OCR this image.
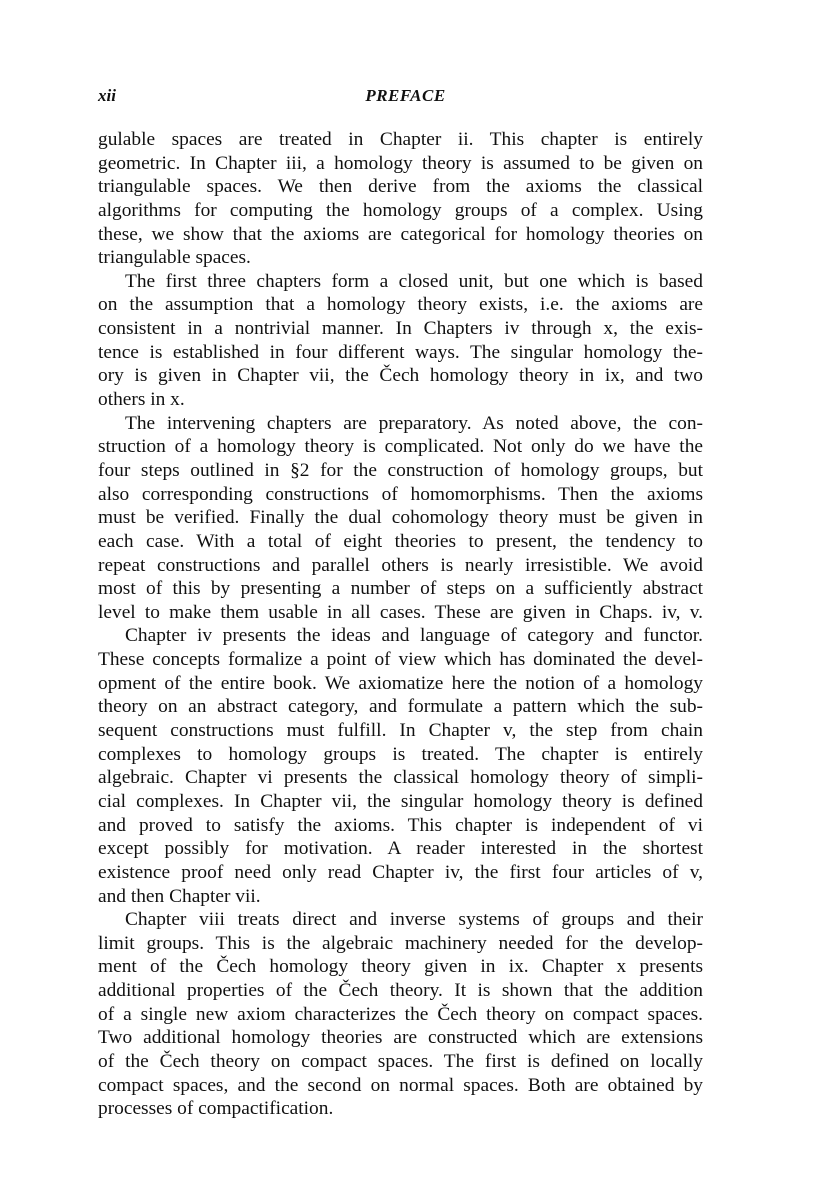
xii	PREFACE
gulable spaces are treated in Chapter ii. This chapter is entirely
geometric. In Chapter iii, a homology theory is assumed to be given on
triangulable spaces. We then derive from the axioms the classical
algorithms for computing the homology groups of a complex. Using
these, we show that the axioms are categorical for homology theories on
triangulable spaces.
The first three chapters form a closed unit, but one which is based
on the assumption that a homology theory exists, i.e. the axioms are
consistent in a nontrivial manner. In Chapters iv through x, the exis-
tence is established in four different ways. The singular homology the-
ory is given in Chapter vii, the Čech homology theory in ix, and two
others in x.
The intervening chapters are preparatory. As noted above, the con-
struction of a homology theory is complicated. Not only do we have the
four steps outlined in §2 for the construction of homology groups, but
also corresponding constructions of homomorphisms. Then the axioms
must be verified. Finally the dual cohomology theory must be given in
each case. With a total of eight theories to present, the tendency to
repeat constructions and parallel others is nearly irresistible. We avoid
most of this by presenting a number of steps on a sufficiently abstract
level to make them usable in all cases. These are given in Chaps. iv, v.
Chapter iv presents the ideas and language of category and functor.
These concepts formalize a point of view which has dominated the devel-
opment of the entire book. We axiomatize here the notion of a homology
theory on an abstract category, and formulate a pattern which the sub-
sequent constructions must fulfill. In Chapter v, the step from chain
complexes to homology groups is treated. The chapter is entirely
algebraic. Chapter vi presents the classical homology theory of simpli-
cial complexes. In Chapter vii, the singular homology theory is defined
and proved to satisfy the axioms. This chapter is independent of vi
except possibly for motivation. A reader interested in the shortest
existence proof need only read Chapter iv, the first four articles of v,
and then Chapter vii.
Chapter viii treats direct and inverse systems of groups and their
limit groups. This is the algebraic machinery needed for the develop-
ment of the Čech homology theory given in ix. Chapter x presents
additional properties of the Čech theory. It is shown that the addition
of a single new axiom characterizes the Čech theory on compact spaces.
Two additional homology theories are constructed which are extensions
of the Čech theory on compact spaces. The first is defined on locally
compact spaces, and the second on normal spaces. Both are obtained by
processes of compactification.
